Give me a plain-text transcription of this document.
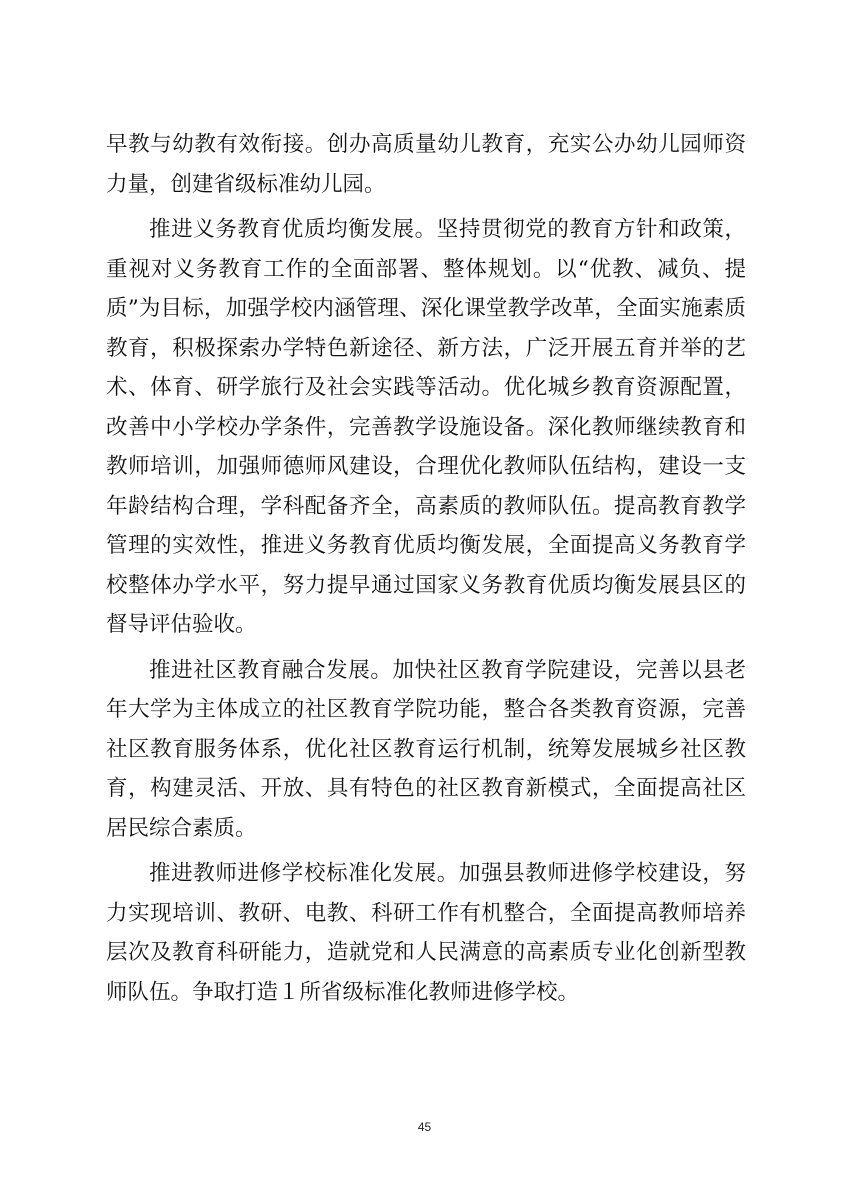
早教与幼教有效衔接。创办高质量幼儿教育，充实公办幼儿园师资力量，创建省级标准幼儿园。

推进义务教育优质均衡发展。坚持贯彻党的教育方针和政策，重视对义务教育工作的全面部署、整体规划。以“优教、减负、提质”为目标，加强学校内涵管理、深化课堂教学改革，全面实施素质教育，积极探索办学特色新途径、新方法，广泛开展五育并举的艺术、体育、研学旅行及社会实践等活动。优化城乡教育资源配置，改善中小学校办学条件，完善教学设施设备。深化教师继续教育和教师培训，加强师德师风建设，合理优化教师队伍结构，建设一支年龄结构合理，学科配备齐全，高素质的教师队伍。提高教育教学管理的实效性，推进义务教育优质均衡发展，全面提高义务教育学校整体办学水平，努力提早通过国家义务教育优质均衡发展县区的督导评估验收。

推进社区教育融合发展。加快社区教育学院建设，完善以县老年大学为主体成立的社区教育学院功能，整合各类教育资源，完善社区教育服务体系，优化社区教育运行机制，统筹发展城乡社区教育，构建灵活、开放、具有特色的社区教育新模式，全面提高社区居民综合素质。

推进教师进修学校标准化发展。加强县教师进修学校建设，努力实现培训、教研、电教、科研工作有机整合，全面提高教师培养层次及教育科研能力，造就党和人民满意的高素质专业化创新型教师队伍。争取打造１所省级标准化教师进修学校。

45
